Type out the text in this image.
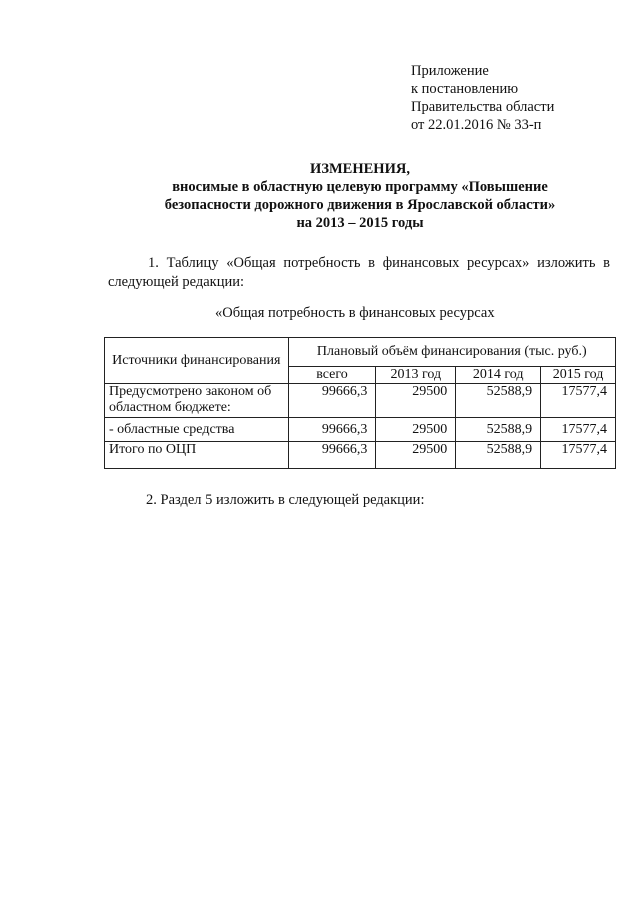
Приложение
к постановлению
Правительства области
от 22.01.2016 № 33-п
ИЗМЕНЕНИЯ,
вносимые в областную целевую программу «Повышение
безопасности дорожного движения в Ярославской области»
на 2013 – 2015 годы
1. Таблицу «Общая потребность в финансовых ресурсах» изложить в
следующей редакции:
«Общая потребность в финансовых ресурсах
Источники финансирования	Плановый объём финансирования (тыс. руб.)			
	всего	2013 год	2014 год	2015 год
Предусмотрено законом об областном бюджете:	99666,3	29500	52588,9	17577,4
- областные средства	99666,3	29500	52588,9	17577,4
Итого по ОЦП	99666,3	29500	52588,9	17577,4
2. Раздел 5 изложить в следующей редакции:
